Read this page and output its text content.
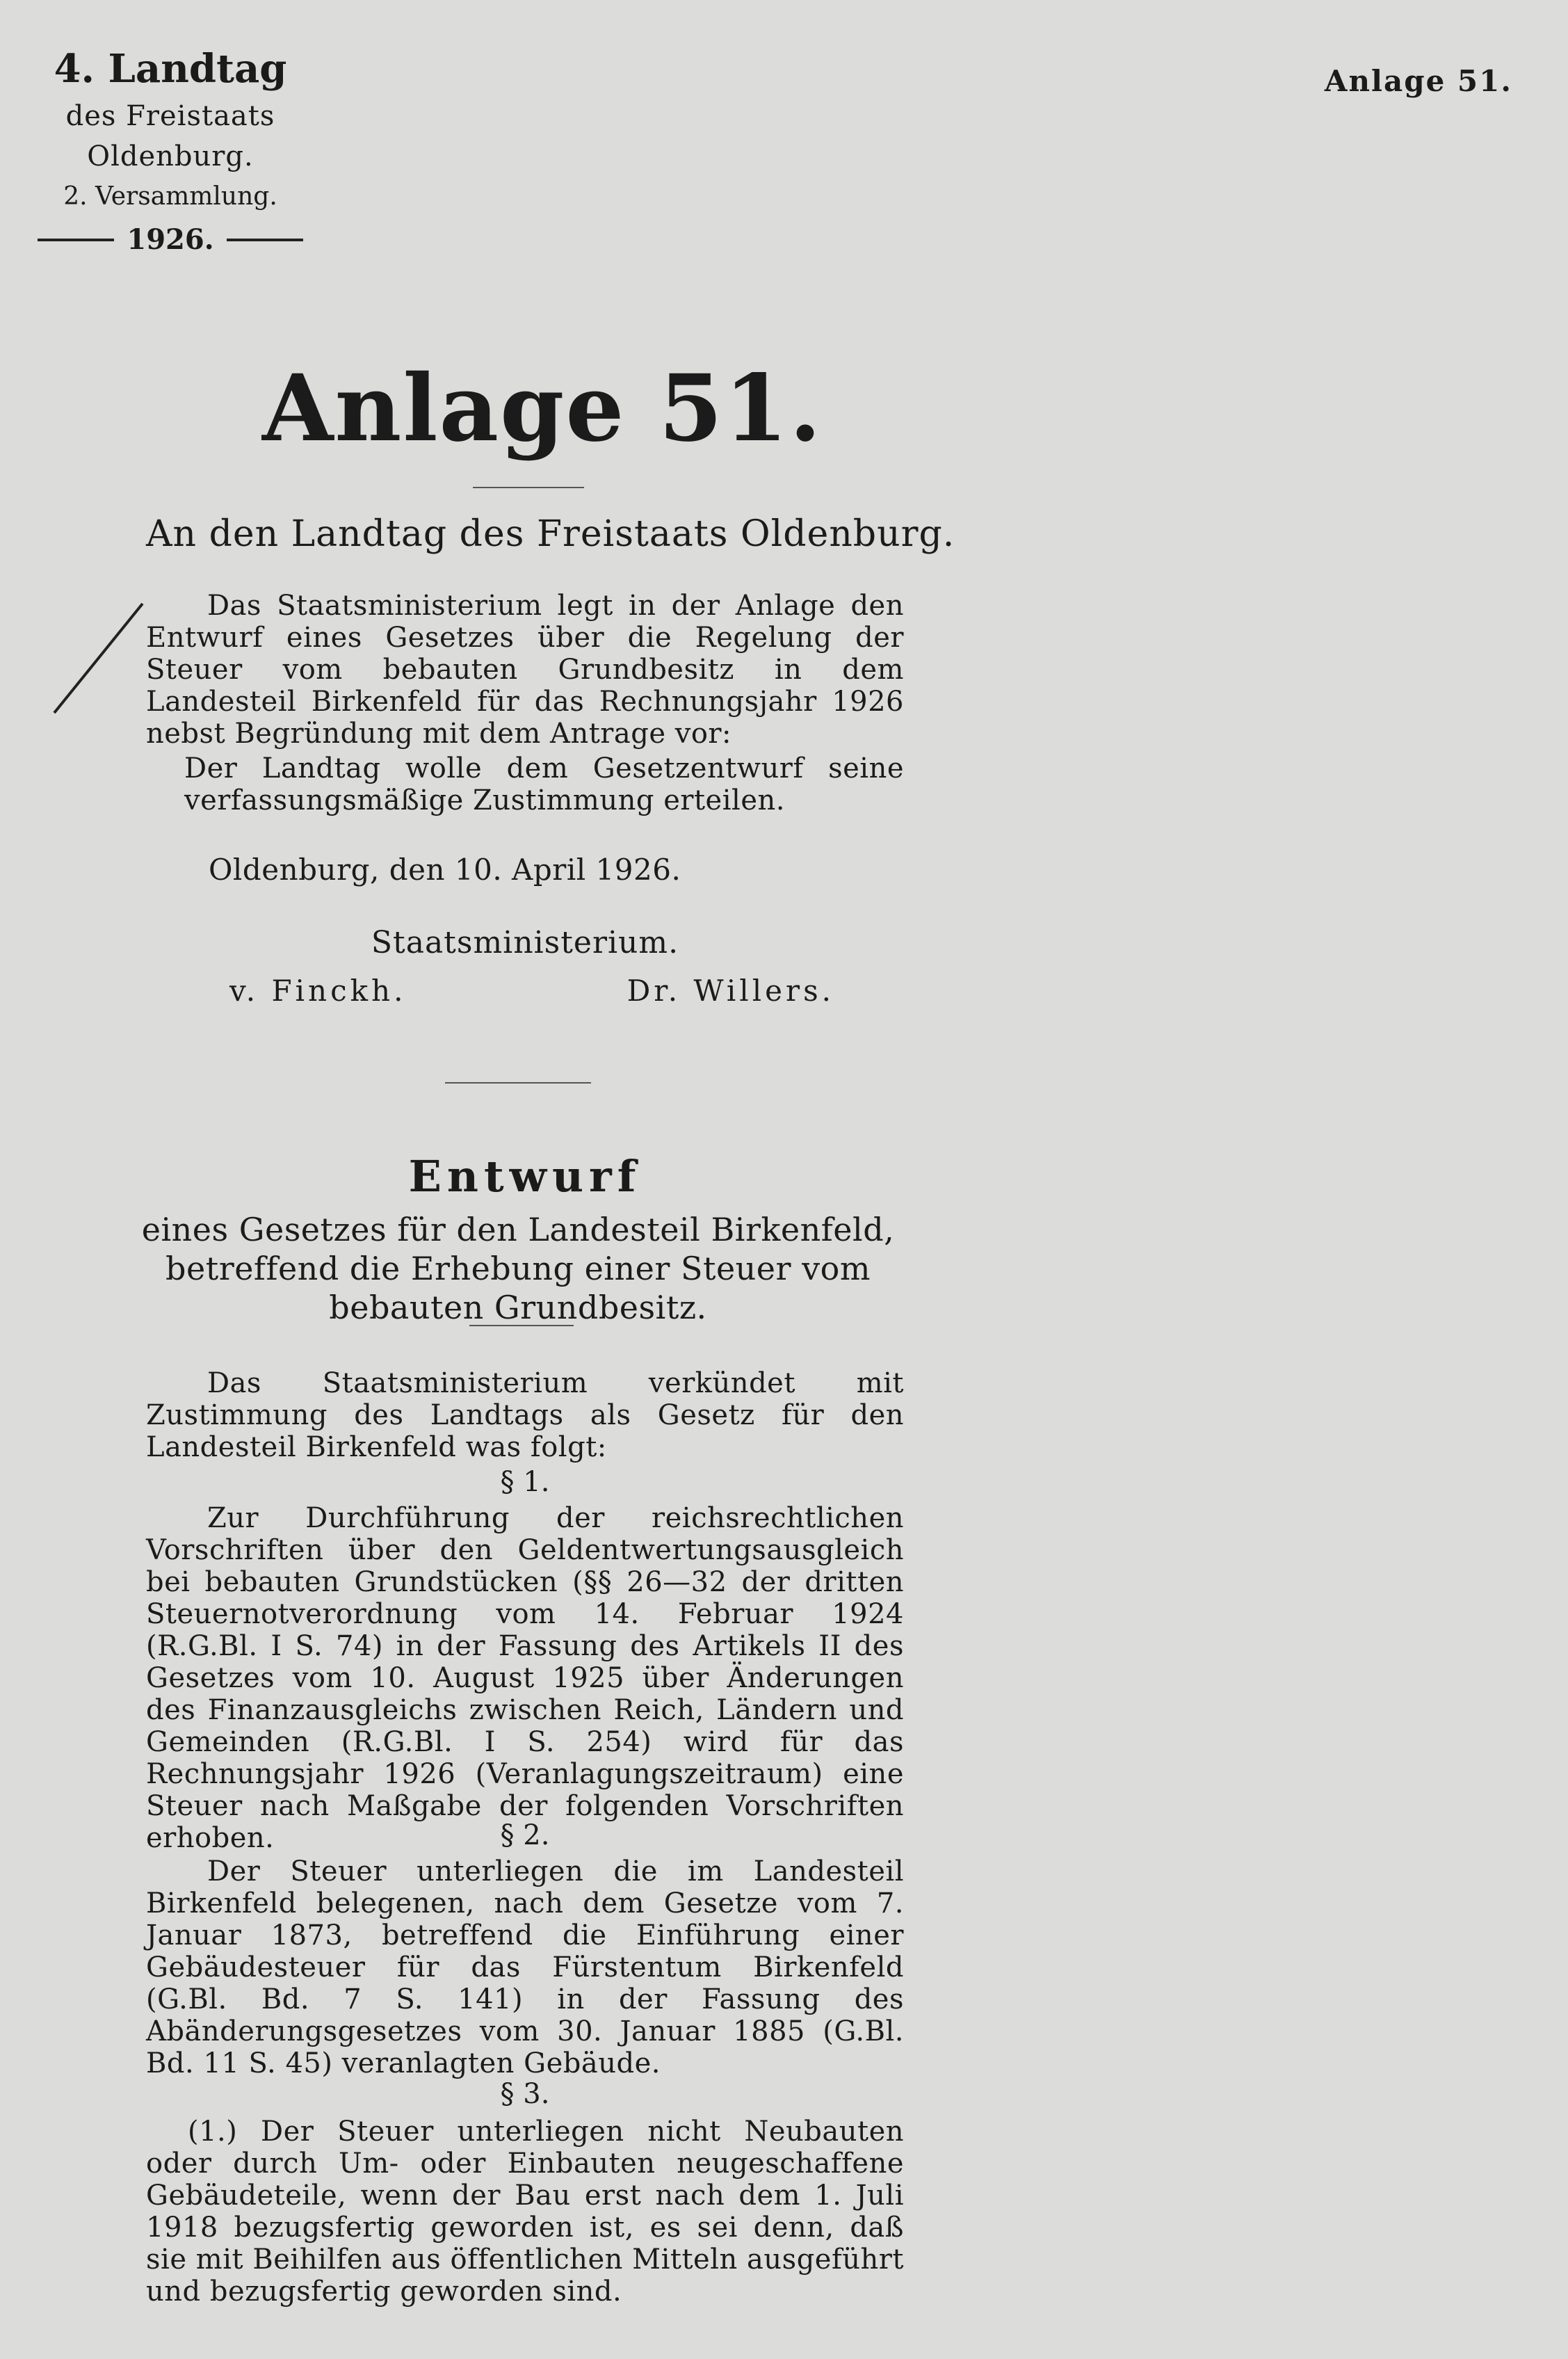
4. Landtag
des Freistaats Oldenburg.
2. Versammlung.
1926.
Anlage 51.
Anlage 51.
An den Landtag des Freistaats Oldenburg.
Das Staatsministerium legt in der Anlage den Entwurf eines Gesetzes über die Regelung der Steuer vom bebauten Grundbesitz in dem Landesteil Birkenfeld für das Rechnungsjahr 1926 nebst Begründung mit dem Antrage vor:
Der Landtag wolle dem Gesetzentwurf seine verfassungsmäßige Zustimmung erteilen.
Oldenburg, den 10. April 1926.
Staatsministerium.
v. Finckh.	Dr. Willers.
Entwurf
eines Gesetzes für den Landesteil Birkenfeld, betreffend die Erhebung einer Steuer vom bebauten Grundbesitz.
Das Staatsministerium verkündet mit Zustimmung des Landtags als Gesetz für den Landesteil Birkenfeld was folgt:
§ 1.
Zur Durchführung der reichsrechtlichen Vorschriften über den Geldentwertungsausgleich bei bebauten Grundstücken (§§ 26—32 der dritten Steuernotverordnung vom 14. Februar 1924 (R.G.Bl. I S. 74) in der Fassung des Artikels II des Gesetzes vom 10. August 1925 über Änderungen des Finanzausgleichs zwischen Reich, Ländern und Gemeinden (R.G.Bl. I S. 254) wird für das Rechnungsjahr 1926 (Veranlagungszeitraum) eine Steuer nach Maßgabe der folgenden Vorschriften erhoben.	§ 2.
Der Steuer unterliegen die im Landesteil Birkenfeld belegenen, nach dem Gesetze vom 7. Januar 1873, betreffend die Einführung einer Gebäudesteuer für das Fürstentum Birkenfeld (G.Bl. Bd. 7 S. 141) in der Fassung des Abänderungsgesetzes vom 30. Januar 1885 (G.Bl. Bd. 11 S. 45) veranlagten Gebäude.
§ 3.
(1.) Der Steuer unterliegen nicht Neubauten oder durch Um- oder Einbauten neugeschaffene Gebäudeteile, wenn der Bau erst nach dem 1. Juli 1918 bezugsfertig geworden ist, es sei denn, daß sie mit Beihilfen aus öffentlichen Mitteln ausgeführt und bezugsfertig geworden sind.
